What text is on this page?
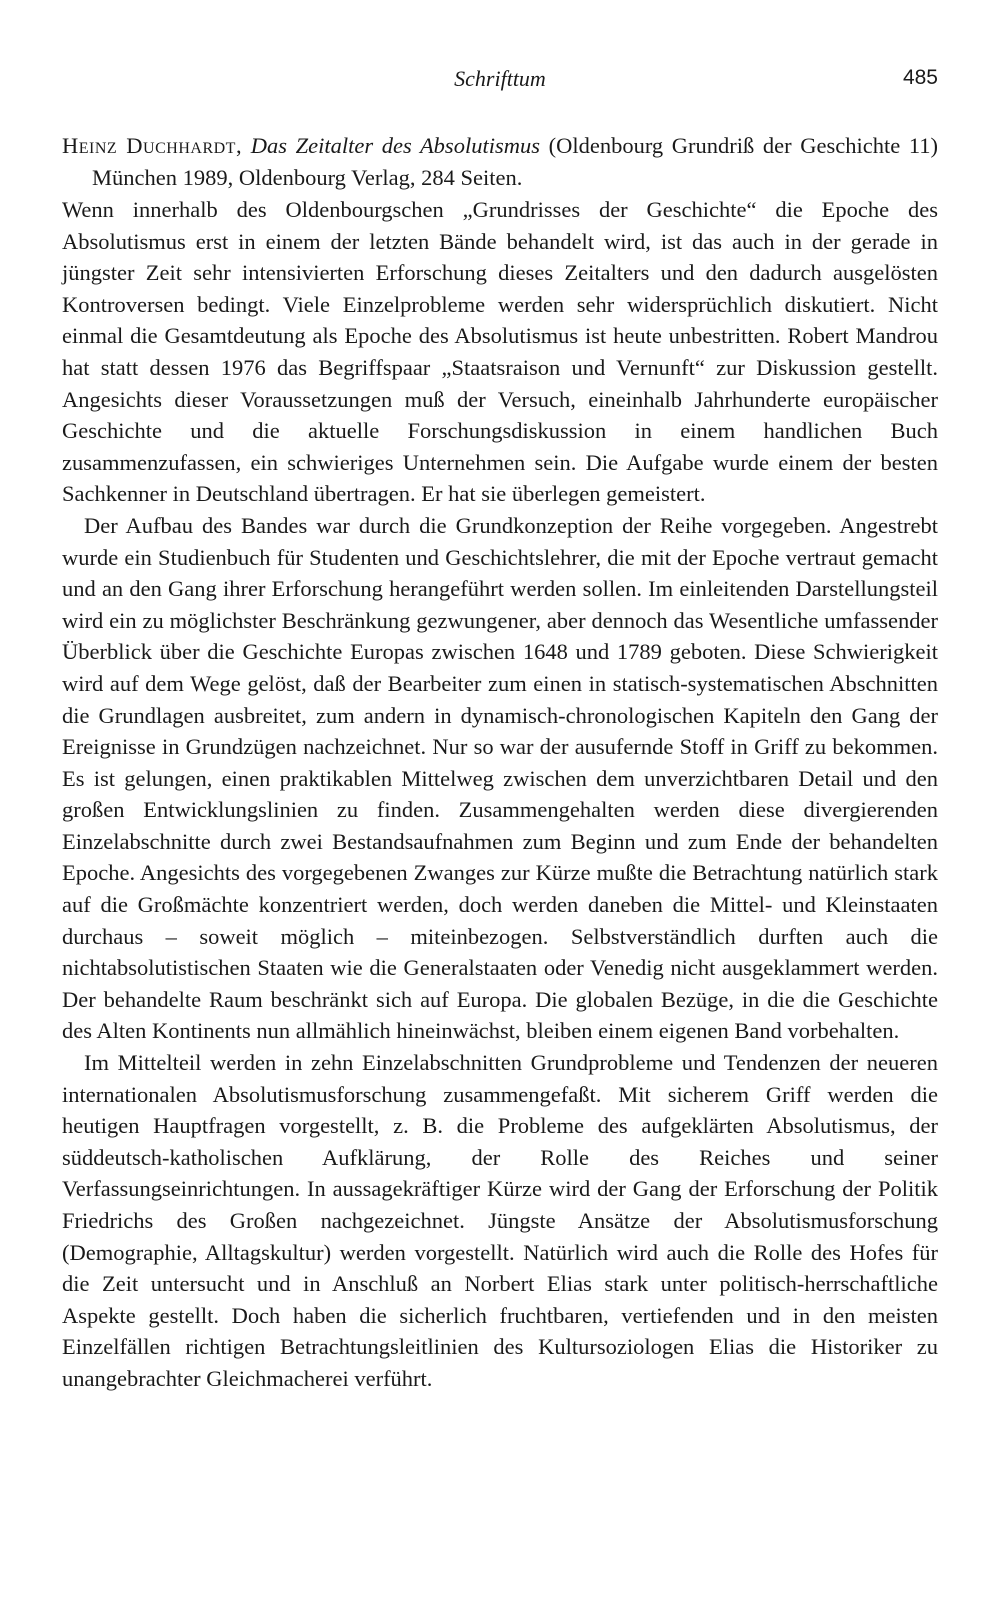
Schrifttum	485
Heinz Duchhardt, Das Zeitalter des Absolutismus (Oldenbourg Grundriß der Geschichte 11) München 1989, Oldenbourg Verlag, 284 Seiten.

Wenn innerhalb des Oldenbourgschen „Grundrisses der Geschichte“ die Epoche des Absolutismus erst in einem der letzten Bände behandelt wird, ist das auch in der gerade in jüngster Zeit sehr intensivierten Erforschung dieses Zeitalters und den dadurch ausgelösten Kontroversen bedingt. Viele Einzelprobleme werden sehr widersprüchlich diskutiert. Nicht einmal die Gesamtdeutung als Epoche des Absolutismus ist heute unbestritten. Robert Mandrou hat statt dessen 1976 das Begriffspaar „Staatsraison und Vernunft“ zur Diskussion gestellt. Angesichts dieser Voraussetzungen muß der Versuch, eineinhalb Jahrhunderte europäischer Geschichte und die aktuelle Forschungsdiskussion in einem handlichen Buch zusammenzufassen, ein schwieriges Unternehmen sein. Die Aufgabe wurde einem der besten Sachkenner in Deutschland übertragen. Er hat sie überlegen gemeistert.

Der Aufbau des Bandes war durch die Grundkonzeption der Reihe vorgegeben. Angestrebt wurde ein Studienbuch für Studenten und Geschichtslehrer, die mit der Epoche vertraut gemacht und an den Gang ihrer Erforschung herangeführt werden sollen. Im einleitenden Darstellungsteil wird ein zu möglichster Beschränkung gezwungener, aber dennoch das Wesentliche umfassender Überblick über die Geschichte Europas zwischen 1648 und 1789 geboten. Diese Schwierigkeit wird auf dem Wege gelöst, daß der Bearbeiter zum einen in statisch-systematischen Abschnitten die Grundlagen ausbreitet, zum andern in dynamisch-chronologischen Kapiteln den Gang der Ereignisse in Grundzügen nachzeichnet. Nur so war der ausufernde Stoff in Griff zu bekommen. Es ist gelungen, einen praktikablen Mittelweg zwischen dem unverzichtbaren Detail und den großen Entwicklungslinien zu finden. Zusammengehalten werden diese divergierenden Einzelabschnitte durch zwei Bestandsaufnahmen zum Beginn und zum Ende der behandelten Epoche. Angesichts des vorgegebenen Zwanges zur Kürze mußte die Betrachtung natürlich stark auf die Großmächte konzentriert werden, doch werden daneben die Mittel- und Kleinstaaten durchaus – soweit möglich – miteinbezogen. Selbstverständlich durften auch die nichtabsolutistischen Staaten wie die Generalstaaten oder Venedig nicht ausgeklammert werden. Der behandelte Raum beschränkt sich auf Europa. Die globalen Bezüge, in die die Geschichte des Alten Kontinents nun allmählich hineinwächst, bleiben einem eigenen Band vorbehalten.

Im Mittelteil werden in zehn Einzelabschnitten Grundprobleme und Tendenzen der neueren internationalen Absolutismusforschung zusammengefaßt. Mit sicherem Griff werden die heutigen Hauptfragen vorgestellt, z. B. die Probleme des aufgeklärten Absolutismus, der süddeutsch-katholischen Aufklärung, der Rolle des Reiches und seiner Verfassungseinrichtungen. In aussagekräftiger Kürze wird der Gang der Erforschung der Politik Friedrichs des Großen nachgezeichnet. Jüngste Ansätze der Absolutismusforschung (Demographie, Alltagskultur) werden vorgestellt. Natürlich wird auch die Rolle des Hofes für die Zeit untersucht und in Anschluß an Norbert Elias stark unter politisch-herrschaftliche Aspekte gestellt. Doch haben die sicherlich fruchtbaren, vertiefenden und in den meisten Einzelfällen richtigen Betrachtungsleitlinien des Kultursoziologen Elias die Historiker zu unangebrachter Gleichmacherei verführt.
